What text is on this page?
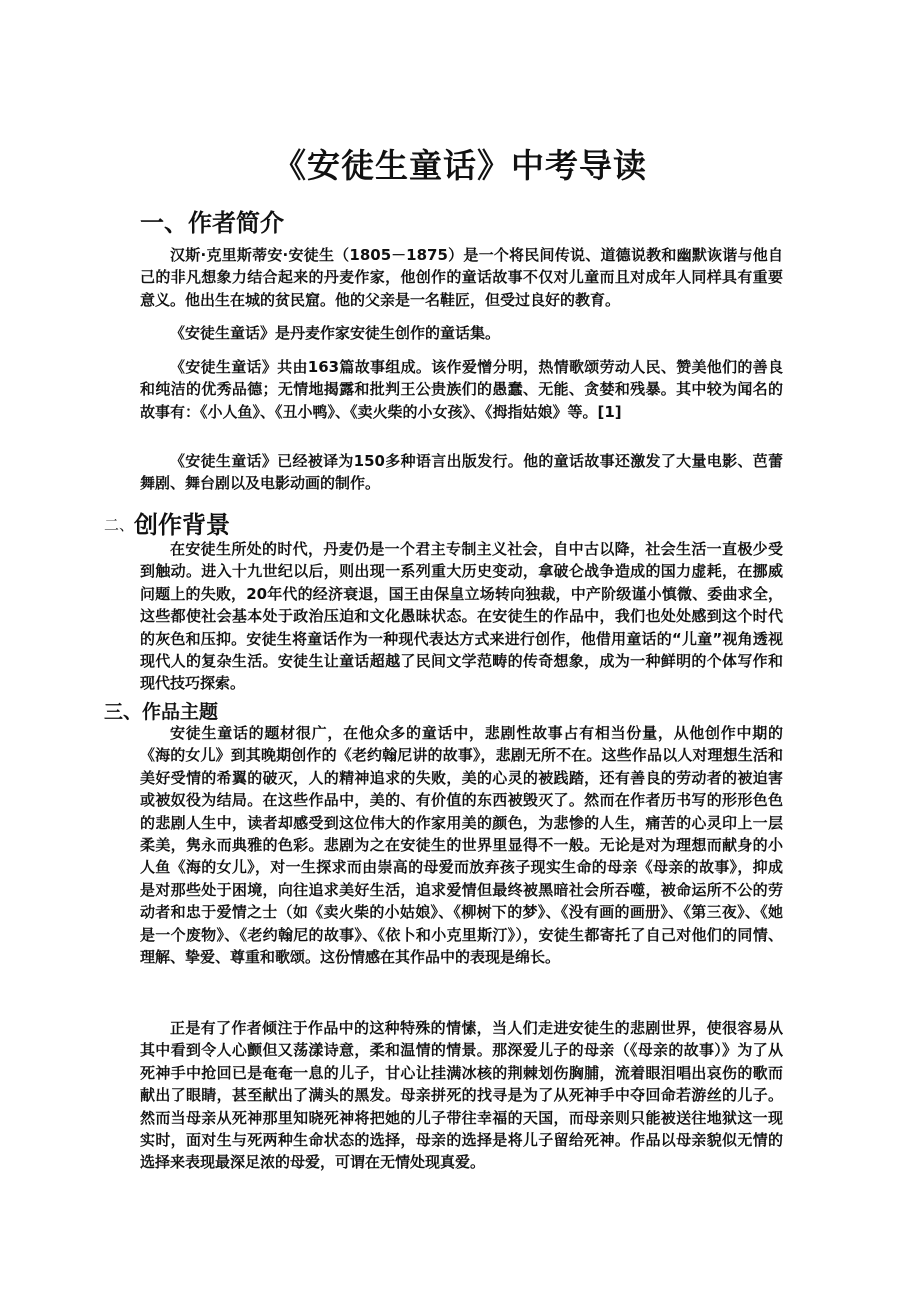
《安徒生童话》中考导读
一、作者简介

汉斯·克里斯蒂安·安徒生（1805－1875）是一个将民间传说、道德说教和幽默诙谐与他自己的非凡想象力结合起来的丹麦作家，他创作的童话故事不仅对儿童而且对成年人同样具有重要意义。他出生在城的贫民窟。他的父亲是一名鞋匠，但受过良好的教育。

《安徒生童话》是丹麦作家安徒生创作的童话集。

《安徒生童话》共由163篇故事组成。该作爱憎分明，热情歌颂劳动人民、赞美他们的善良和纯洁的优秀品德；无情地揭露和批判王公贵族们的愚蠢、无能、贪婪和残暴。其中较为闻名的故事有：《小人鱼》、《丑小鸭》、《卖火柴的小女孩》、《拇指姑娘》等。[1]

《安徒生童话》已经被译为150多种语言出版发行。他的童话故事还激发了大量电影、芭蕾舞剧、舞台剧以及电影动画的制作。

二、创作背景

在安徒生所处的时代，丹麦仍是一个君主专制主义社会，自中古以降，社会生活一直极少受到触动。进入十九世纪以后，则出现一系列重大历史变动，拿破仑战争造成的国力虚耗，在挪威问题上的失败，20年代的经济衰退，国王由保皇立场转向独裁，中产阶级谨小慎微、委曲求全，这些都使社会基本处于政治压迫和文化愚昧状态。在安徒生的作品中，我们也处处感到这个时代的灰色和压抑。安徒生将童话作为一种现代表达方式来进行创作，他借用童话的“儿童”视角透视现代人的复杂生活。安徒生让童话超越了民间文学范畴的传奇想象，成为一种鲜明的个体写作和现代技巧探索。

三、作品主题

安徒生童话的题材很广，在他众多的童话中，悲剧性故事占有相当份量，从他创作中期的《海的女儿》到其晚期创作的《老约翰尼讲的故事》，悲剧无所不在。这些作品以人对理想生活和美好受情的希翼的破灭，人的精神追求的失败，美的心灵的被践踏，还有善良的劳动者的被迫害或被奴役为结局。在这些作品中，美的、有价值的东西被毁灭了。然而在作者历书写的形形色色的悲剧人生中，读者却感受到这位伟大的作家用美的颜色，为悲惨的人生，痛苦的心灵印上一层柔美，隽永而典雅的色彩。悲剧为之在安徒生的世界里显得不一般。无论是对为理想而献身的小人鱼《海的女儿》，对一生探求而由崇高的母爱而放弃孩子现实生命的母亲《母亲的故事》，抑成是对那些处于困境，向往追求美好生活，追求爱情但最终被黑暗社会所吞噬，被命运所不公的劳动者和忠于爱情之士（如《卖火柴的小姑娘》、《柳树下的梦》、《没有画的画册》、《第三夜》、《她是一个废物》、《老约翰尼的故事》、《依卜和小克里斯汀》），安徒生都寄托了自己对他们的同情、理解、挚爱、尊重和歌颂。这份情感在其作品中的表现是绵长。

正是有了作者倾注于作品中的这种特殊的情愫，当人们走进安徒生的悲剧世界，使很容易从其中看到令人心颤但又荡漾诗意，柔和温情的情景。那深爱儿子的母亲（《母亲的故事）》为了从死神手中抢回已是奄奄一息的儿子，甘心让挂满冰核的荆棘划伤胸脯，流着眼泪唱出哀伤的歌而献出了眼睛，甚至献出了满头的黑发。母亲拼死的找寻是为了从死神手中夺回命若游丝的儿子。然而当母亲从死神那里知晓死神将把她的儿子带往幸福的天国，而母亲则只能被送往地狱这一现实时，面对生与死两种生命状态的选择，母亲的选择是将儿子留给死神。作品以母亲貌似无情的选择来表现最深足浓的母爱，可谓在无情处现真爱。
